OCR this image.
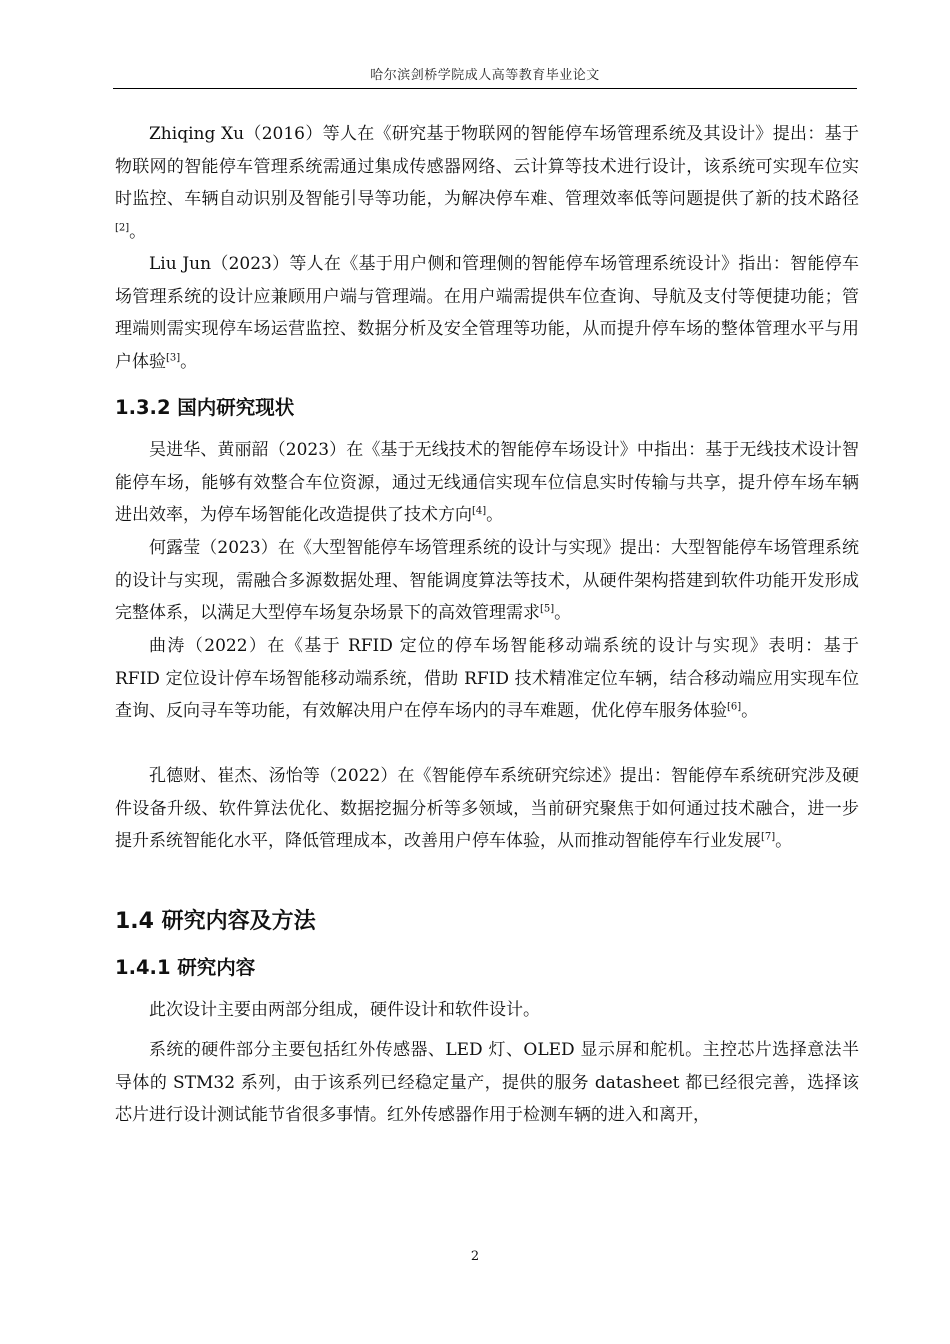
哈尔滨剑桥学院成人高等教育毕业论文

Zhiqing Xu（2016）等人在《研究基于物联网的智能停车场管理系统及其设计》提出：基于物联网的智能停车管理系统需通过集成传感器网络、云计算等技术进行设计，该系统可实现车位实时监控、车辆自动识别及智能引导等功能，为解决停车难、管理效率低等问题提供了新的技术路径[2]。

Liu Jun（2023）等人在《基于用户侧和管理侧的智能停车场管理系统设计》指出：智能停车场管理系统的设计应兼顾用户端与管理端。在用户端需提供车位查询、导航及支付等便捷功能；管理端则需实现停车场运营监控、数据分析及安全管理等功能，从而提升停车场的整体管理水平与用户体验[3]。

1.3.2 国内研究现状

吴进华、黄丽韶（2023）在《基于无线技术的智能停车场设计》中指出：基于无线技术设计智能停车场，能够有效整合车位资源，通过无线通信实现车位信息实时传输与共享，提升停车场车辆进出效率，为停车场智能化改造提供了技术方向[4]。

何露莹（2023）在《大型智能停车场管理系统的设计与实现》提出：大型智能停车场管理系统的设计与实现，需融合多源数据处理、智能调度算法等技术，从硬件架构搭建到软件功能开发形成完整体系，以满足大型停车场复杂场景下的高效管理需求[5]。

曲涛（2022）在《基于 RFID 定位的停车场智能移动端系统的设计与实现》表明：基于 RFID 定位设计停车场智能移动端系统，借助 RFID 技术精准定位车辆，结合移动端应用实现车位查询、反向寻车等功能，有效解决用户在停车场内的寻车难题，优化停车服务体验[6]。

孔德财、崔杰、汤怡等（2022）在《智能停车系统研究综述》提出：智能停车系统研究涉及硬件设备升级、软件算法优化、数据挖掘分析等多领域，当前研究聚焦于如何通过技术融合，进一步提升系统智能化水平，降低管理成本，改善用户停车体验，从而推动智能停车行业发展[7]。

1.4 研究内容及方法
1.4.1 研究内容

此次设计主要由两部分组成，硬件设计和软件设计。

系统的硬件部分主要包括红外传感器、LED 灯、OLED 显示屏和舵机。主控芯片选择意法半导体的 STM32 系列，由于该系列已经稳定量产，提供的服务 datasheet 都已经很完善，选择该芯片进行设计测试能节省很多事情。红外传感器作用于检测车辆的进入和离开，

2
